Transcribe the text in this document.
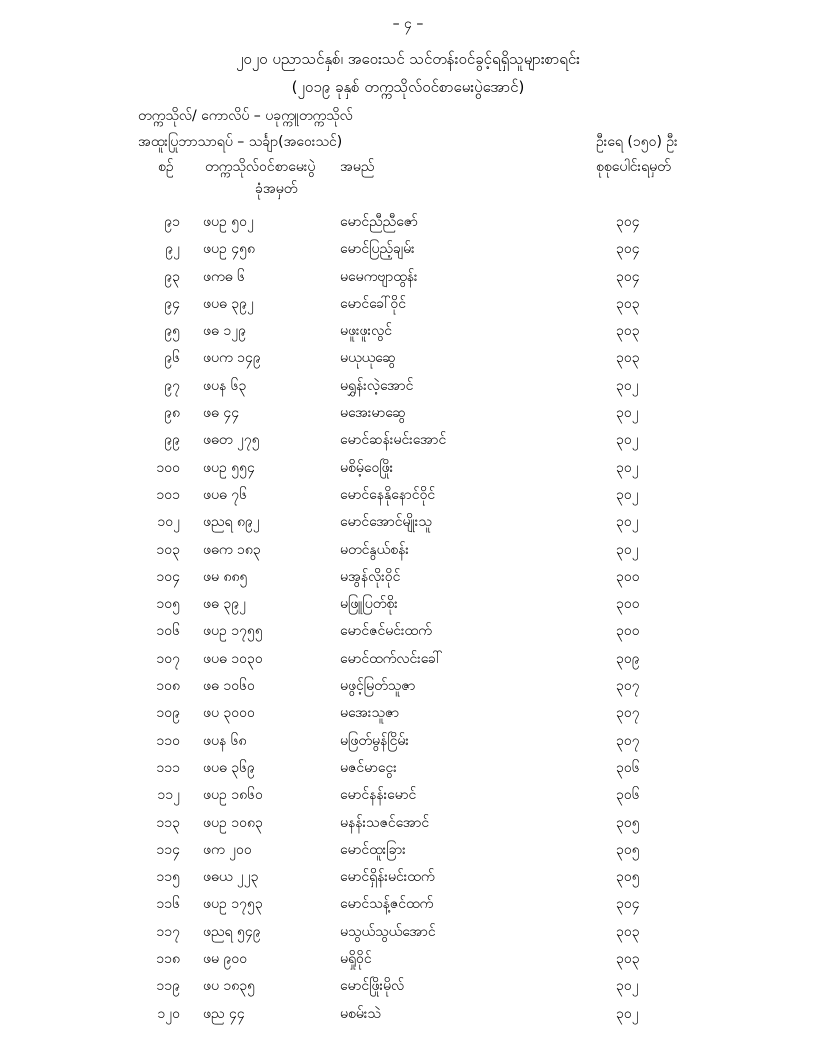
– ၄ –
၂၀၂၀ ပညာသင်နှစ်၊ အဝေးသင် သင်တန်းဝင်ခွင့်ရရှိသူများစာရင်း
(၂၀၁၉ ခုနှစ် တက္ကသိုလ်ဝင်စာမေးပွဲအောင်)
တက္ကသိုလ်/ ကောလိပ် – ပခုက္ကူတက္ကသိုလ်
အထူးပြုဘာသာရပ် – သင်္ချာ(အဝေးသင်)	ဦးရေ (၁၅၀) ဦး
စဉ် တက္ကသိုလ်ဝင်စာမေးပွဲ
ခုံအမှတ်
အမည်	စုစုပေါင်းရမှတ်
၉၁ ဖပဥ ၅၀၂	မောင်ညီညီဇော်	၃၀၄
၉၂ ဖပဥ ၄၅၈	မောင်ပြည့်ချမ်း	၃၀၄
၉၃ ဖကဓ ၆	မမေကဗျာထွန်း	၃၀၄
၉၄ ဖပဓ ၃၉၂	မောင်ခေါ်ဝိုင်	၃၀၃
၉၅ ဖဓ ၁၂၉	မဖူးဖူးလွင်	၃၀၃
၉၆ ဖပက ၁၄၉	မယုယုဆွေ	၃၀၃
၉၇ ဖပန ၆၃	မရွှန်းလဲ့အောင်	၃၀၂
၉၈ ဖဓ ၄၄	မအေးမာဆွေ	၃၀၂
၉၉ ဖဓတ ၂၇၅	မောင်ဆန်းမင်းအောင်	၃၀၂
၁၀၀ ဖပဥ ၅၅၄	မစိမ့်ဝေဖြိုး	၃၀၂
၁၀၁ ဖပဓ ၇၆	မောင်နေနိုနောင်ဝိုင်	၃၀၂
၁၀၂ ဖညရ ၈၉၂	မောင်အောင်မျိုးသူ	၃၀၂
၁၀၃ ဖဓက ၁၈၃	မတင်နွယ်စန်း	၃၀၂
၁၀၄ ဖမ ၈၈၅	မအွန်လိုးဝိုင်	၃၀၀
၁၀၅ ဖဓ ၃၉၂	မဖြူပြတ်စိုး	၃၀၀
၁၀၆ ဖပဥ ၁၇၅၅	မောင်ဇင်မင်းထက်	၃၀၀
၁၀၇ ဖပဓ ၁၀၃၀	မောင်ထက်လင်းခေါ်	၃၀၉
၁၀၈ ဖဓ ၁၀၆၀	မဖွင့်မြတ်သူဇာ	၃၀၇
၁၀၉ ဖပ ၃၀၀၀	မအေးသူဇာ	၃၀၇
၁၁၀ ဖပန ၆၈	မဖြတ်မွန်ငြိမ်း	၃၀၇
၁၁၁ ဖပဓ ၃၆၉	မဇင်မာငွေး	၃၀၆
၁၁၂ ဖပဥ ၁၈၆၀	မောင်နန်းမောင်	၃၀၆
၁၁၃ ဖပဥ ၁၀၈၃	မနန်းသဇင်အောင်	၃၀၅
၁၁၄ ဖက ၂၀၀	မောင်ထူးခြား	၃၀၅
၁၁၅ ဖဓယ ၂၂၃	မောင်ရှိန်းမင်းထက်	၃၀၅
၁၁၆ ဖပဥ ၁၇၅၃	မောင်သန့်ဇင်ထက်	၃၀၄
၁၁၇ ဖညရ ၅၄၉	မသွယ်သွယ်အောင်	၃၀၃
၁၁၈ ဖမ ၉၀၀	မရှိုဝိုင်	၃၀၃
၁၁၉ ဖပ ၁၈၃၅	မောင်ဖြိုးမိုလ်	၃၀၂
၁၂၀ ဖည ၄၄	မစမ်းသဲ	၃၀၂
